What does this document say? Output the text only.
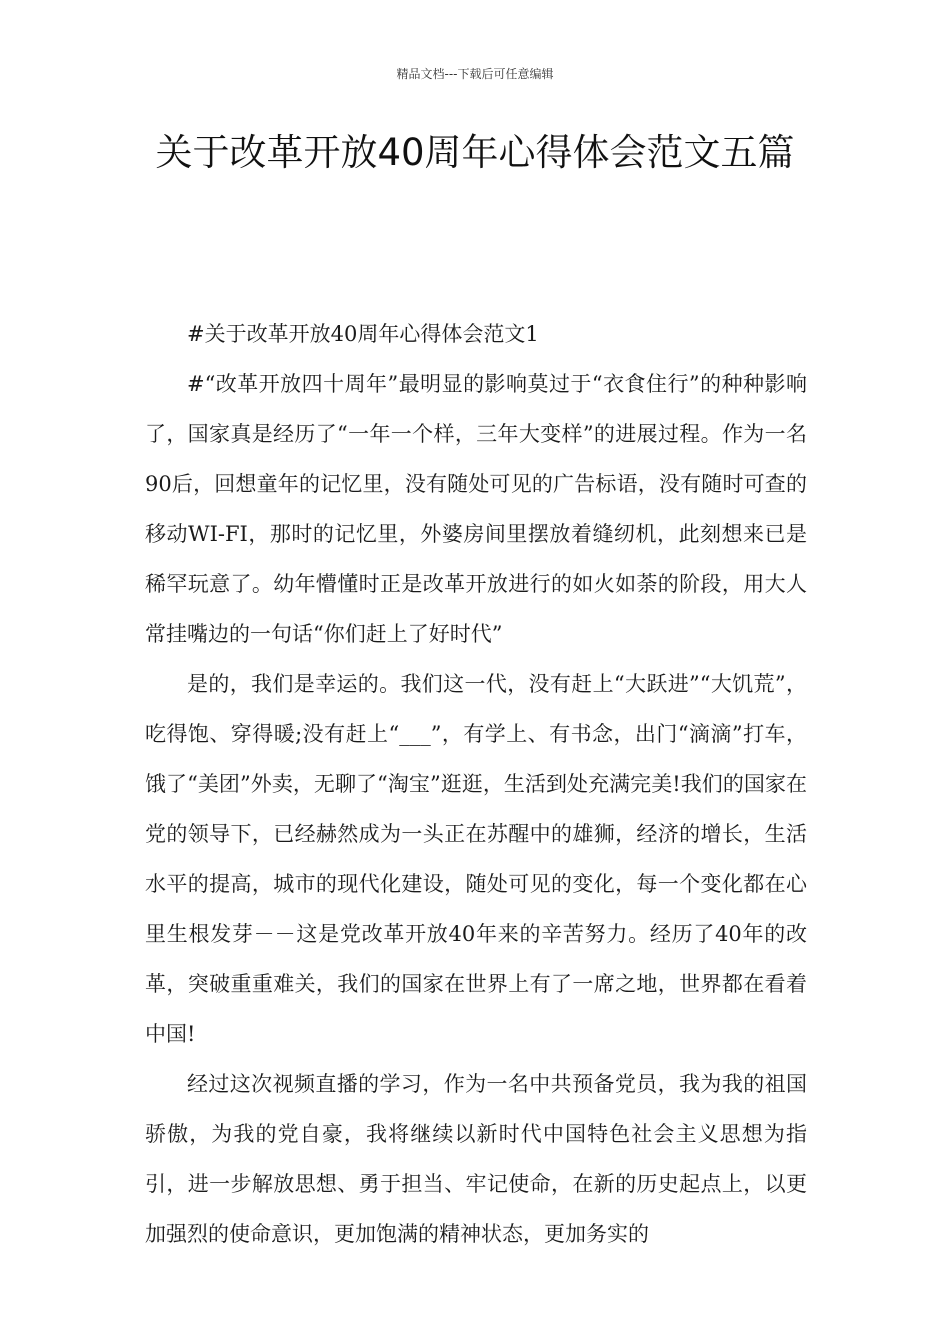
精品文档---下载后可任意编辑
关于改革开放40周年心得体会范文五篇

#关于改革开放40周年心得体会范文1

#“改革开放四十周年”最明显的影响莫过于“衣食住行”的种种影响了，国家真是经历了“一年一个样，三年大变样”的进展过程。作为一名90后，回想童年的记忆里，没有随处可见的广告标语，没有随时可查的移动WI-FI，那时的记忆里，外婆房间里摆放着缝纫机，此刻想来已是稀罕玩意了。幼年懵懂时正是改革开放进行的如火如荼的阶段，用大人常挂嘴边的一句话“你们赶上了好时代”

是的，我们是幸运的。我们这一代，没有赶上“大跃进”“大饥荒”，吃得饱、穿得暖;没有赶上“___”，有学上、有书念，出门“滴滴”打车，饿了“美团”外卖，无聊了“淘宝”逛逛，生活到处充满完美!我们的国家在党的领导下，已经赫然成为一头正在苏醒中的雄狮，经济的增长，生活水平的提高，城市的现代化建设，随处可见的变化，每一个变化都在心里生根发芽－－这是党改革开放40年来的辛苦努力。经历了40年的改革，突破重重难关，我们的国家在世界上有了一席之地，世界都在看着中国!

经过这次视频直播的学习，作为一名中共预备党员，我为我的祖国骄傲，为我的党自豪，我将继续以新时代中国特色社会主义思想为指引，进一步解放思想、勇于担当、牢记使命，在新的历史起点上，以更加强烈的使命意识，更加饱满的精神状态，更加务实的
